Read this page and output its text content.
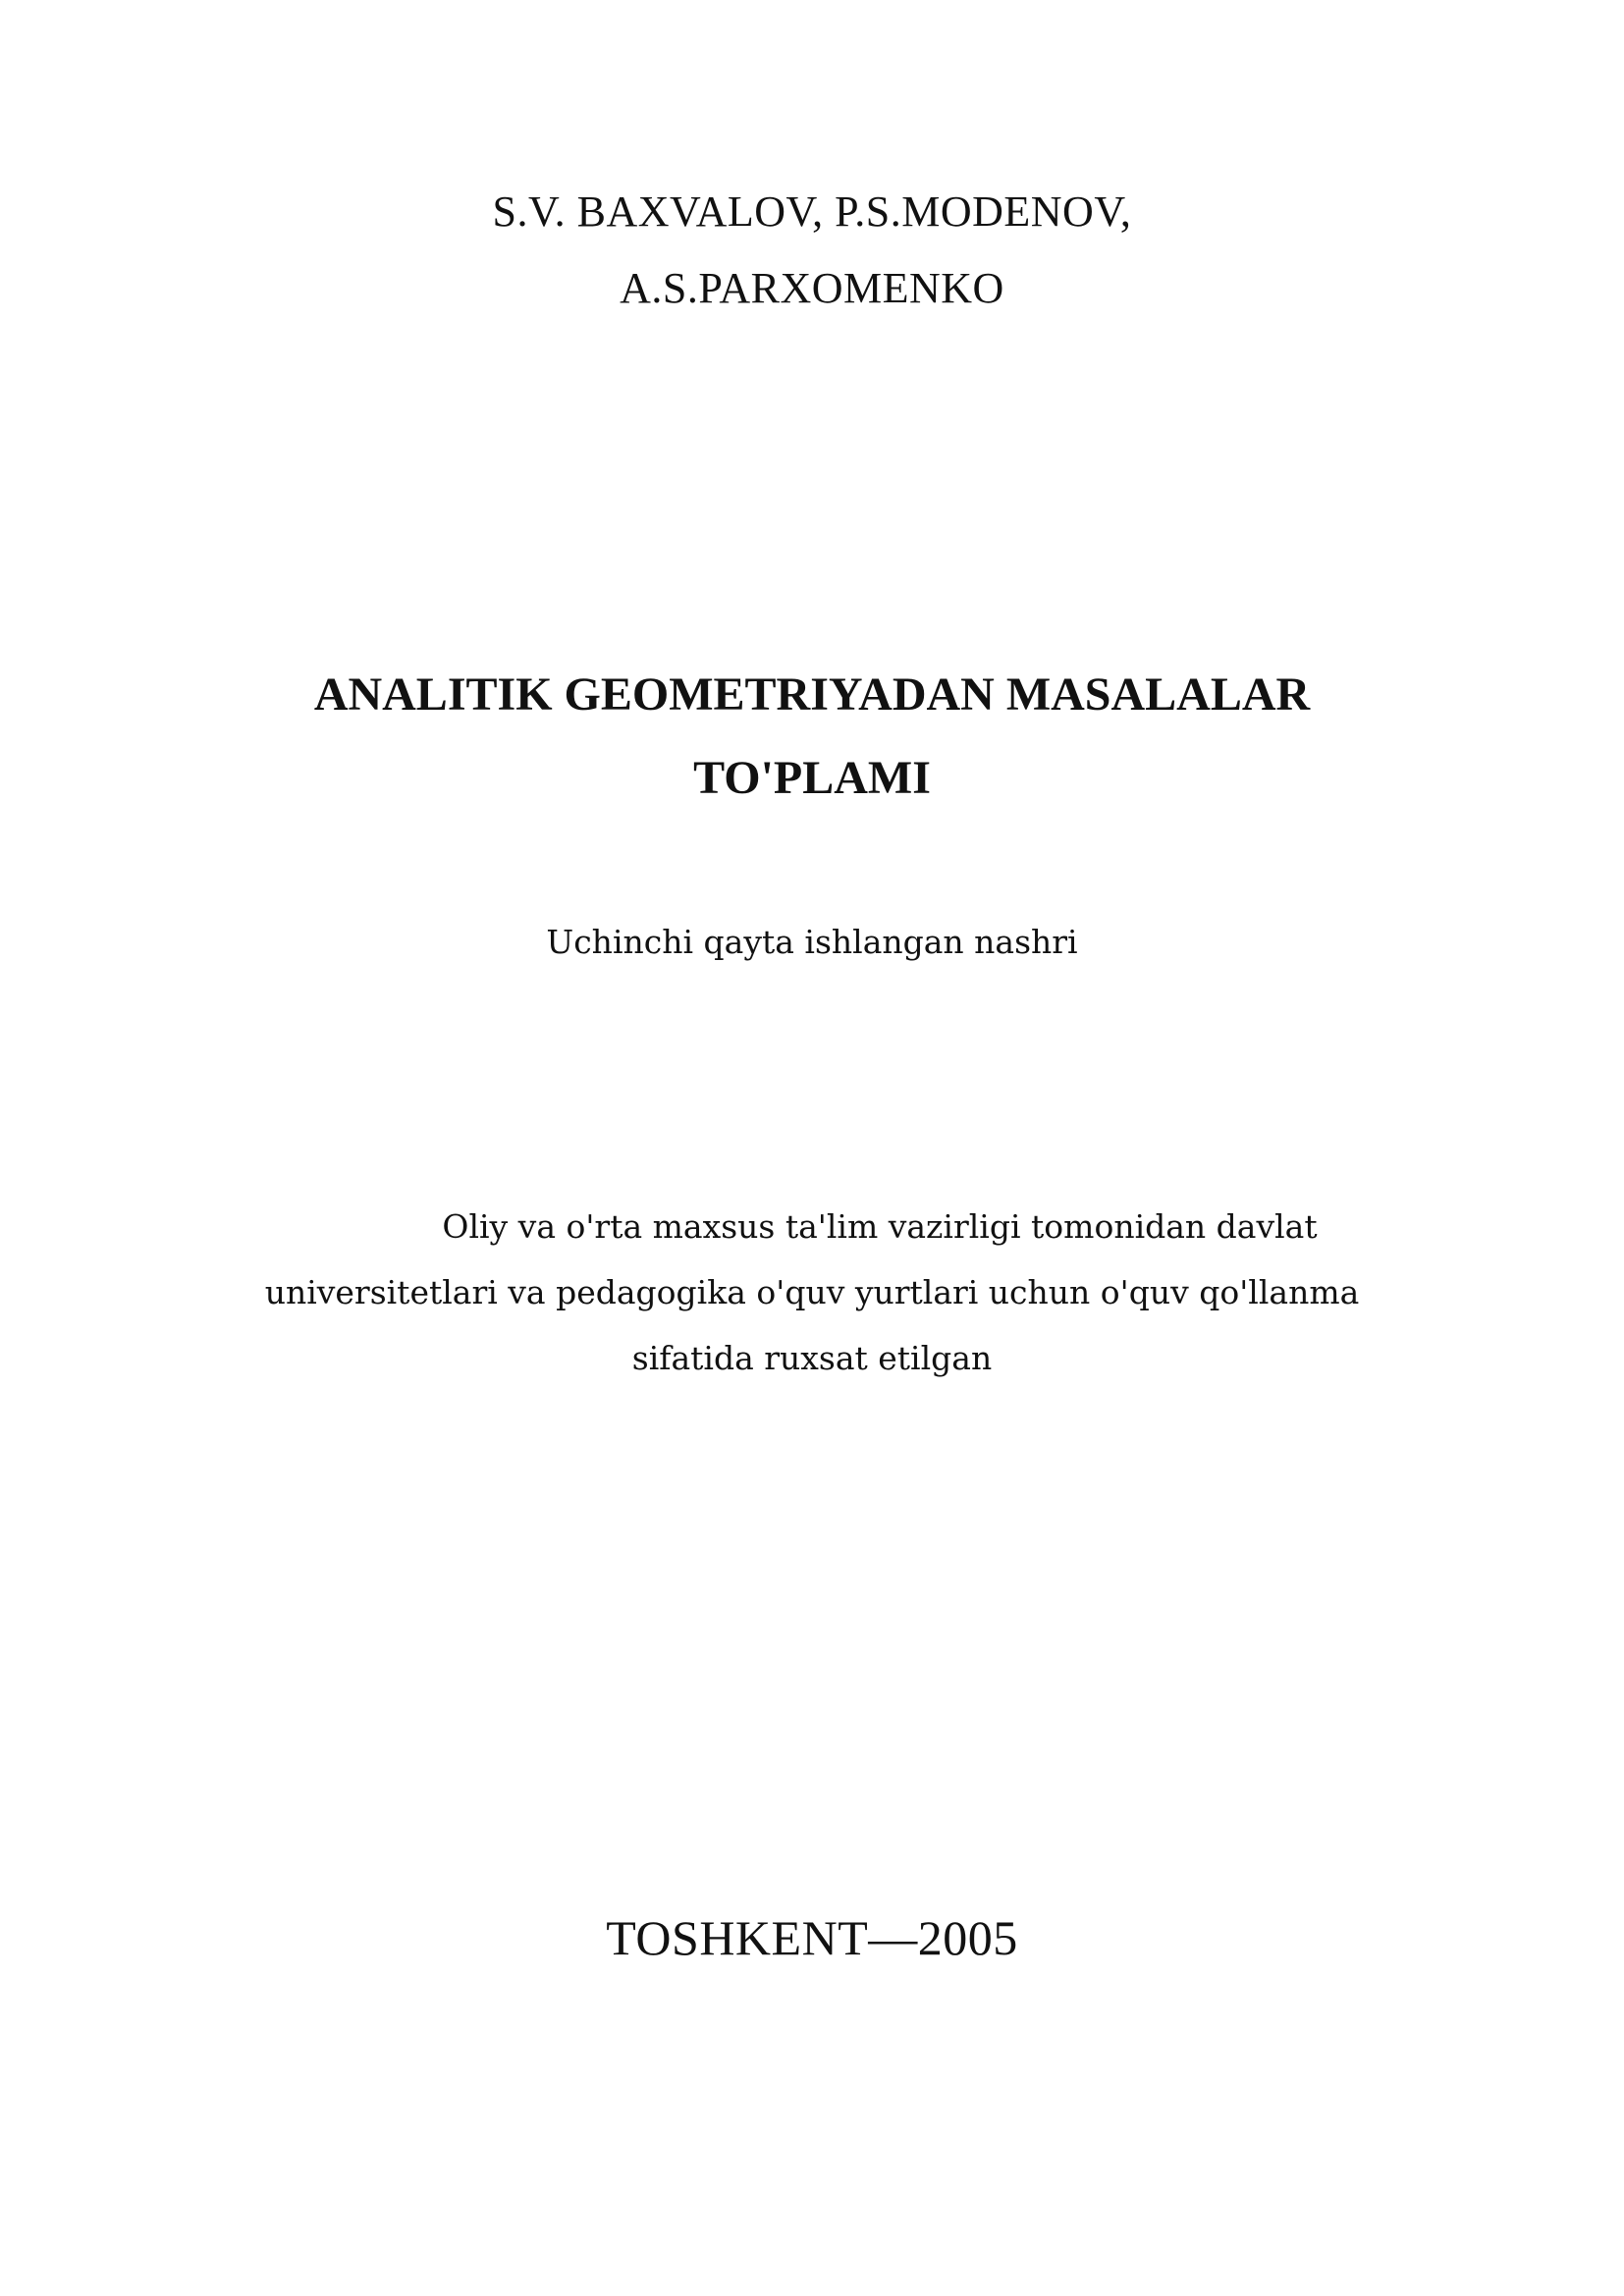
S.V. BAXVALOV, P.S.MODENOV,
A.S.PARXOMENKO
ANALITIK GEOMETRIYADAN MASALALAR
TO'PLAMI
Uchinchi qayta ishlangan nashri
Oliy va o'rta maxsus ta'lim vazirligi tomonidan davlat
universitetlari va pedagogika o'quv yurtlari uchun o'quv qo'llanma
sifatida ruxsat etilgan
TOSHKENT—2005
